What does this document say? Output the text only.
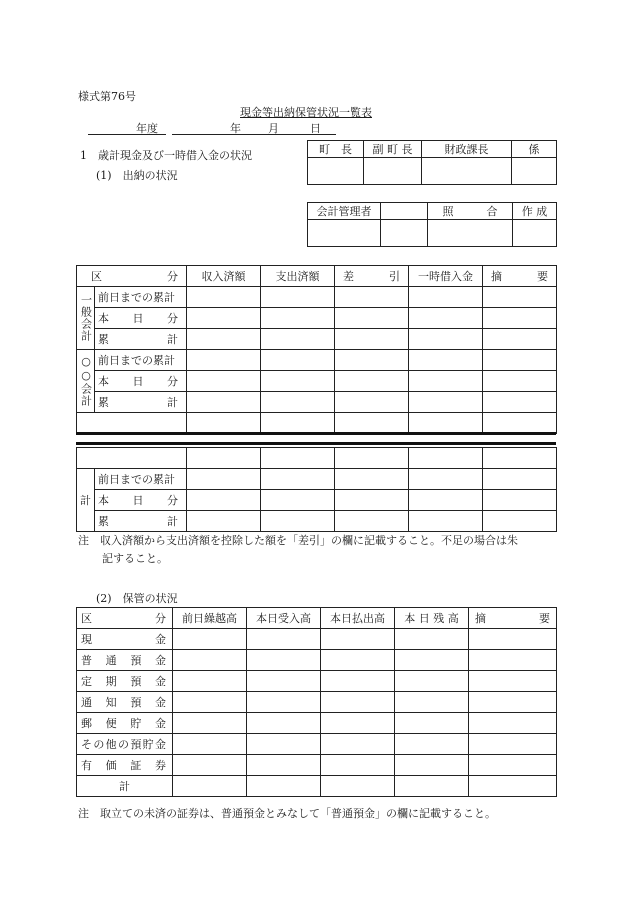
様式第76号
現金等出納保管状況一覧表
年度	年 月	日
1　歳計現金及び一時借入金の状況
(1)　出納の状況
町　長	副 町 長	財政課長	係

会計管理者		照　　　合	作 成

区　　　分		収入済額	支出済額	差　　　引	一時借入金	摘　　　要
一般会計	前日までの累計					
	本　日　分					
	累　　　計					
○○会計	前日までの累計					
	本　日　分					
	累　　　計					

計	前日までの累計					
	本　日　分					
	累　　　計					
注　収入済額から支出済額を控除した額を「差引」の欄に記載すること。不足の場合は朱
記すること。
(2)　保管の状況
区　　　分	前日繰越高	本日受入高	本日払出高	本 日 残 高	摘　　　要
現　　　金					
普　通　預　金					
定　期　預　金					
通　知　預　金					
郵　便　貯　金					
その他の預貯金					
有　価　証　券					
計					
注　取立ての未済の証券は、普通預金とみなして「普通預金」の欄に記載すること。
